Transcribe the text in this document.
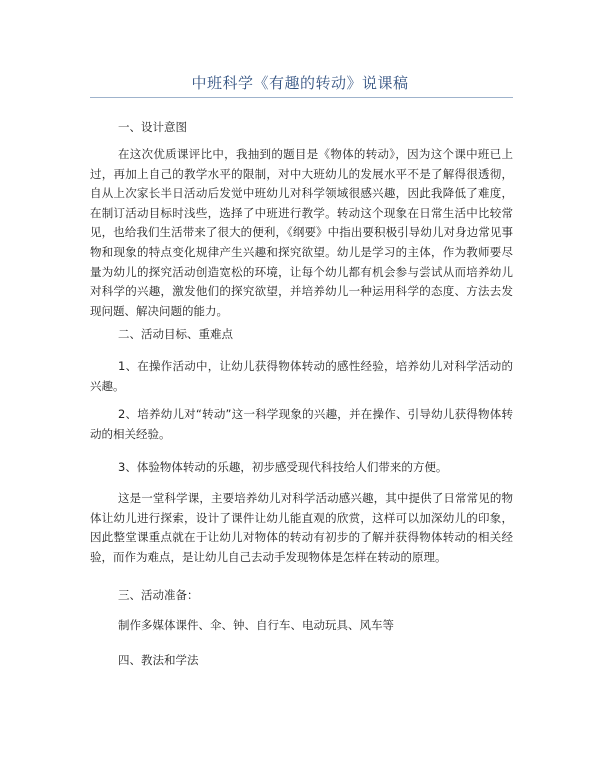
中班科学《有趣的转动》说课稿
一、设计意图
在这次优质课评比中，我抽到的题目是《物体的转动》，因为这个课中班已上过，再加上自己的教学水平的限制，对中大班幼儿的发展水平不是了解得很透彻，自从上次家长半日活动后发觉中班幼儿对科学领域很感兴趣，因此我降低了难度，在制订活动目标时浅些，选择了中班进行教学。转动这个现象在日常生活中比较常见，也给我们生活带来了很大的便利，《纲要》中指出要积极引导幼儿对身边常见事物和现象的特点变化规律产生兴趣和探究欲望。幼儿是学习的主体，作为教师要尽量为幼儿的探究活动创造宽松的环境，让每个幼儿都有机会参与尝试从而培养幼儿对科学的兴趣，激发他们的探究欲望，并培养幼儿一种运用科学的态度、方法去发现问题、解决问题的能力。
二、活动目标、重难点
1、在操作活动中，让幼儿获得物体转动的感性经验，培养幼儿对科学活动的兴趣。
2、培养幼儿对“转动”这一科学现象的兴趣，并在操作、引导幼儿获得物体转动的相关经验。
3、体验物体转动的乐趣，初步感受现代科技给人们带来的方便。
这是一堂科学课，主要培养幼儿对科学活动感兴趣，其中提供了日常常见的物体让幼儿进行探索，设计了课件让幼儿能直观的欣赏，这样可以加深幼儿的印象，因此整堂课重点就在于让幼儿对物体的转动有初步的了解并获得物体转动的相关经验，而作为难点，是让幼儿自己去动手发现物体是怎样在转动的原理。
三、活动准备：
制作多媒体课件、伞、钟、自行车、电动玩具、风车等
四、教法和学法
